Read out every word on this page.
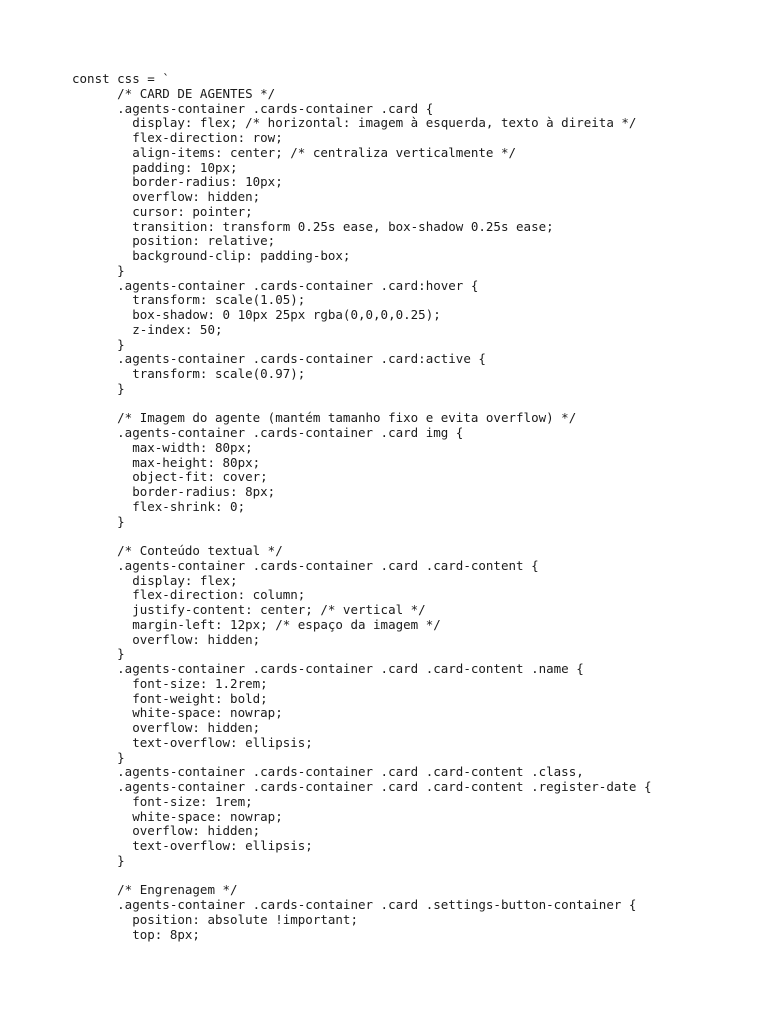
const css = `
/* CARD DE AGENTES */
.agents-container .cards-container .card {
display: flex; /* horizontal: imagem à esquerda, texto à direita */
flex-direction: row;
align-items: center; /* centraliza verticalmente */
padding: 10px;
border-radius: 10px;
overflow: hidden;
cursor: pointer;
transition: transform 0.25s ease, box-shadow 0.25s ease;
position: relative;
background-clip: padding-box;
}
.agents-container .cards-container .card:hover {
transform: scale(1.05);
box-shadow: 0 10px 25px rgba(0,0,0,0.25);
z-index: 50;
}
.agents-container .cards-container .card:active {
transform: scale(0.97);
}
/* Imagem do agente (mantém tamanho fixo e evita overflow) */
.agents-container .cards-container .card img {
max-width: 80px;
max-height: 80px;
object-fit: cover;
border-radius: 8px;
flex-shrink: 0;
}
/* Conteúdo textual */
.agents-container .cards-container .card .card-content {
display: flex;
flex-direction: column;
justify-content: center; /* vertical */
margin-left: 12px; /* espaço da imagem */
overflow: hidden;
}
.agents-container .cards-container .card .card-content .name {
font-size: 1.2rem;
font-weight: bold;
white-space: nowrap;
overflow: hidden;
text-overflow: ellipsis;
}
.agents-container .cards-container .card .card-content .class,
.agents-container .cards-container .card .card-content .register-date {
font-size: 1rem;
white-space: nowrap;
overflow: hidden;
text-overflow: ellipsis;
}
/* Engrenagem */
.agents-container .cards-container .card .settings-button-container {
position: absolute !important;
top: 8px;
